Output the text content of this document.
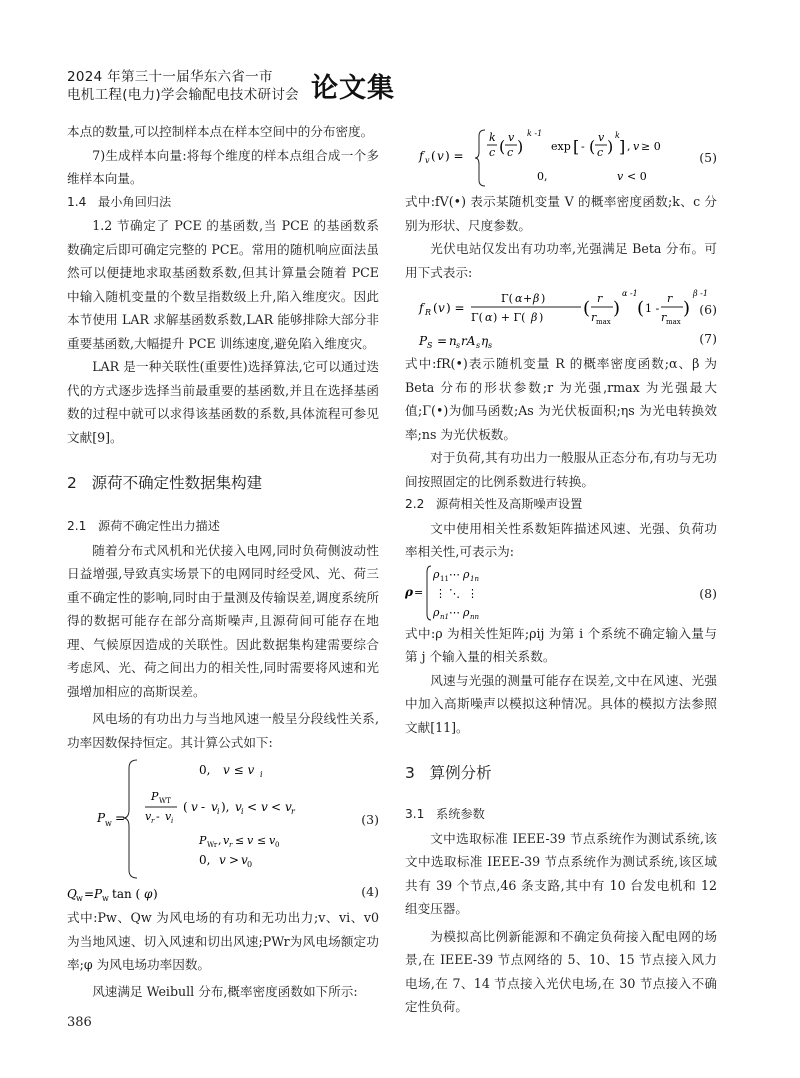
2024 年第三十一届华东六省一市
电机工程(电力)学会输配电技术研讨会 论文集

本点的数量,可以控制样本点在样本空间中的分布密度。

7)生成样本向量:将每个维度的样本点组合成一个多维样本向量。

1.4 最小角回归法

1.2 节确定了 PCE 的基函数,当 PCE 的基函数系数确定后即可确定完整的 PCE。常用的随机响应面法虽然可以便捷地求取基函数系数,但其计算量会随着 PCE 中输入随机变量的个数呈指数级上升,陷入维度灾。因此本节使用 LAR 求解基函数系数,LAR 能够排除大部分非重要基函数,大幅提升 PCE 训练速度,避免陷入维度灾。

LAR 是一种关联性(重要性)选择算法,它可以通过迭代的方式逐步选择当前最重要的基函数,并且在选择基函数的过程中就可以求得该基函数的系数,具体流程可参见文献[9]。

2 源荷不确定性数据集构建

2.1 源荷不确定性出力描述

随着分布式风机和光伏接入电网,同时负荷侧波动性日益增强,导致真实场景下的电网同时经受风、光、荷三重不确定性的影响,同时由于量测及传输误差,调度系统所得的数据可能存在部分高斯噪声,且源荷间可能存在地理、气候原因造成的关联性。因此数据集构建需要综合考虑风、光、荷之间出力的相关性,同时需要将风速和光强增加相应的高斯误差。

风电场的有功出力与当地风速一般呈分段线性关系,功率因数保持恒定。其计算公式如下:

P w =
0, v ≤ v i
P WT
v r - v i
( v - v i ), v i < v < v r
P Wr , v r ≤ v ≤ v 0
0, v > v 0
(3)
Q w = P w tan ( φ )	(4)

式中:Pw、Qw 为风电场的有功和无功出力;v、vi、v0 为当地风速、切入风速和切出风速;PWr为风电场额定功率;φ 为风电场功率因数。

风速满足 Weibull 分布,概率密度函数如下所示:

f v ( v ) =
k
c ( v
c )
k -1
exp [ - ( v
c )
k
] , v ≥ 0
0,	v < 0
(5)

式中:fV(•) 表示某随机变量 V 的概率密度函数;k、c 分别为形状、尺度参数。

光伏电站仅发出有功功率,光强满足 Beta 分布。可用下式表示:

f R ( v ) =
Γ( α + β )
Γ( α ) + Γ( β ) ( r
r max
)
α -1
( 1 -
r
r max
)
β -1
(6)
P S = n s rA s η s	(7)

式中:fR(•)表示随机变量 R 的概率密度函数;α、β 为 Beta 分布的形状参数;r 为光强,rmax 为光强最大值;Γ(•)为伽马函数;As 为光伏板面积;ηs 为光电转换效率;ns 为光伏板数。

对于负荷,其有功出力一般服从正态分布,有功与无功间按照固定的比例系数进行转换。

2.2 源荷相关性及高斯噪声设置

文中使用相关性系数矩阵描述风速、光强、负荷功率相关性,可表示为:

ρ =
ρ 11 ⋯ ρ 1n
⋮ ⋱ ⋮
ρ n1 ⋯ ρ nn
(8)

式中:ρ 为相关性矩阵;ρij 为第 i 个系统不确定输入量与第 j 个输入量的相关系数。

风速与光强的测量可能存在误差,文中在风速、光强中加入高斯噪声以模拟这种情况。具体的模拟方法参照文献[11]。

3 算例分析

3.1 系统参数

文中选取标准 IEEE-39 节点系统作为测试系统,该文中选取标准 IEEE-39 节点系统作为测试系统,该区域共有 39 个节点,46 条支路,其中有 10 台发电机和 12 组变压器。

为模拟高比例新能源和不确定负荷接入配电网的场景,在 IEEE-39 节点网络的 5、10、15 节点接入风力电场,在 7、14 节点接入光伏电场,在 30 节点接入不确定性负荷。

386
